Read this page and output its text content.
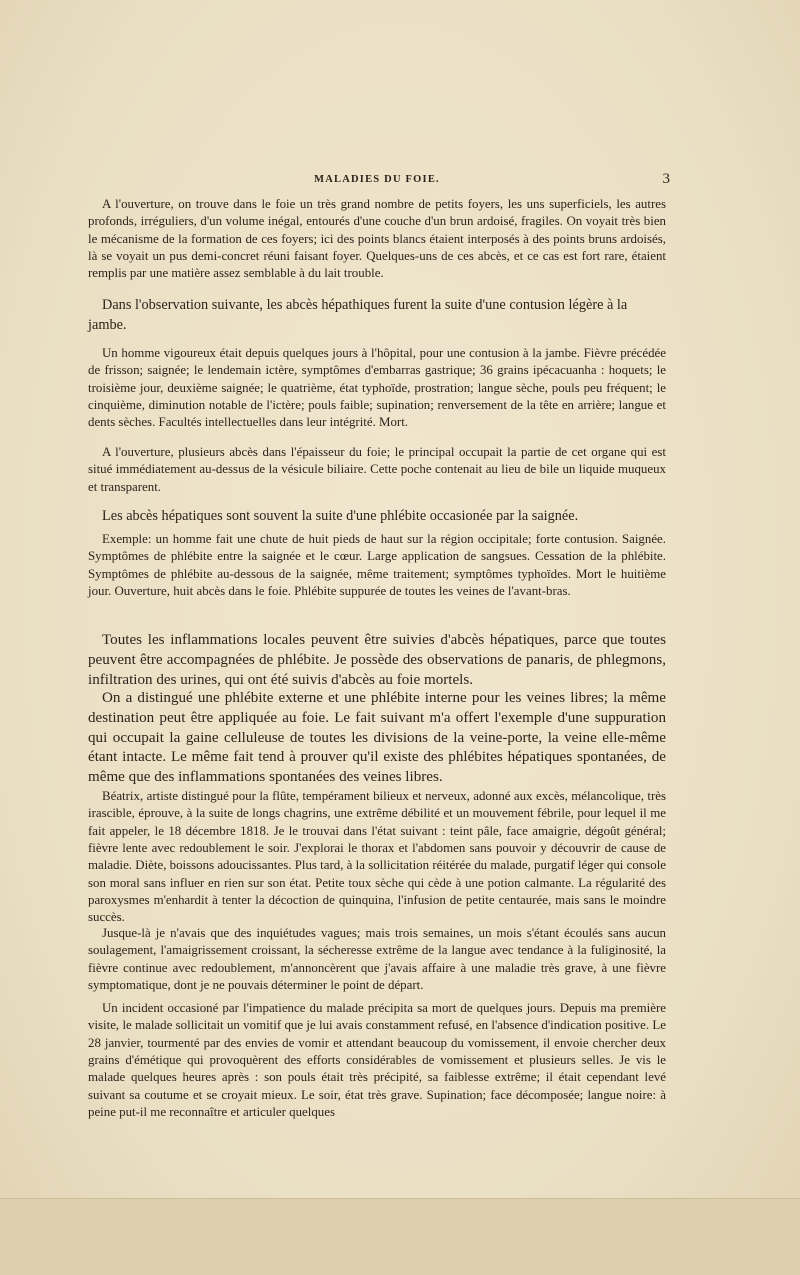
MALADIES DU FOIE.	3

A l'ouverture, on trouve dans le foie un très grand nombre de petits foyers, les uns superficiels, les autres profonds, irréguliers, d'un volume inégal, entourés d'une couche d'un brun ardoisé, fragiles. On voyait très bien le mécanisme de la formation de ces foyers; ici des points blancs étaient interposés à des points bruns ardoisés, là se voyait un pus demi-concret réuni faisant foyer. Quelques-uns de ces abcès, et ce cas est fort rare, étaient remplis par une matière assez semblable à du lait trouble.

Dans l'observation suivante, les abcès hépathiques furent la suite d'une contusion légère à la jambe.

Un homme vigoureux était depuis quelques jours à l'hôpital, pour une contusion à la jambe. Fièvre précédée de frisson; saignée; le lendemain ictère, symptômes d'embarras gastrique; 36 grains ipécacuanha : hoquets; le troisième jour, deuxième saignée; le quatrième, état typhoïde, prostration; langue sèche, pouls peu fréquent; le cinquième, diminution notable de l'ictère; pouls faible; supination; renversement de la tête en arrière; langue et dents sèches. Facultés intellectuelles dans leur intégrité. Mort.

A l'ouverture, plusieurs abcès dans l'épaisseur du foie; le principal occupait la partie de cet organe qui est situé immédiatement au-dessus de la vésicule biliaire. Cette poche contenait au lieu de bile un liquide muqueux et transparent.

Les abcès hépatiques sont souvent la suite d'une phlébite occasionée par la saignée.

Exemple: un homme fait une chute de huit pieds de haut sur la région occipitale; forte contusion. Saignée. Symptômes de phlébite entre la saignée et le cœur. Large application de sangsues. Cessation de la phlébite. Symptômes de phlébite au-dessous de la saignée, même traitement; symptômes typhoïdes. Mort le huitième jour. Ouverture, huit abcès dans le foie. Phlébite suppurée de toutes les veines de l'avant-bras.

Toutes les inflammations locales peuvent être suivies d'abcès hépatiques, parce que toutes peuvent être accompagnées de phlébite. Je possède des observations de panaris, de phlegmons, infiltration des urines, qui ont été suivis d'abcès au foie mortels.

On a distingué une phlébite externe et une phlébite interne pour les veines libres; la même destination peut être appliquée au foie. Le fait suivant m'a offert l'exemple d'une suppuration qui occupait la gaine celluleuse de toutes les divisions de la veine-porte, la veine elle-même étant intacte. Le même fait tend à prouver qu'il existe des phlébites hépatiques spontanées, de même que des inflammations spontanées des veines libres.

Béatrix, artiste distingué pour la flûte, tempérament bilieux et nerveux, adonné aux excès, mélancolique, très irascible, éprouve, à la suite de longs chagrins, une extrême débilité et un mouvement fébrile, pour lequel il me fait appeler, le 18 décembre 1818. Je le trouvai dans l'état suivant : teint pâle, face amaigrie, dégoût général; fièvre lente avec redoublement le soir. J'explorai le thorax et l'abdomen sans pouvoir y découvrir de cause de maladie. Diète, boissons adoucissantes. Plus tard, à la sollicitation réitérée du malade, purgatif léger qui console son moral sans influer en rien sur son état. Petite toux sèche qui cède à une potion calmante. La régularité des paroxysmes m'enhardit à tenter la décoction de quinquina, l'infusion de petite centaurée, mais sans le moindre succès.

Jusque-là je n'avais que des inquiétudes vagues; mais trois semaines, un mois s'étant écoulés sans aucun soulagement, l'amaigrissement croissant, la sécheresse extrême de la langue avec tendance à la fuliginosité, la fièvre continue avec redoublement, m'annoncèrent que j'avais affaire à une maladie très grave, à une fièvre symptomatique, dont je ne pouvais déterminer le point de départ.

Un incident occasioné par l'impatience du malade précipita sa mort de quelques jours. Depuis ma première visite, le malade sollicitait un vomitif que je lui avais constamment refusé, en l'absence d'indication positive. Le 28 janvier, tourmenté par des envies de vomir et attendant beaucoup du vomissement, il envoie chercher deux grains d'émétique qui provoquèrent des efforts considérables de vomissement et plusieurs selles. Je vis le malade quelques heures après : son pouls était très précipité, sa faiblesse extrême; il était cependant levé suivant sa coutume et se croyait mieux. Le soir, état très grave. Supination; face décomposée; langue noire: à peine put-il me reconnaître et articuler quelques
